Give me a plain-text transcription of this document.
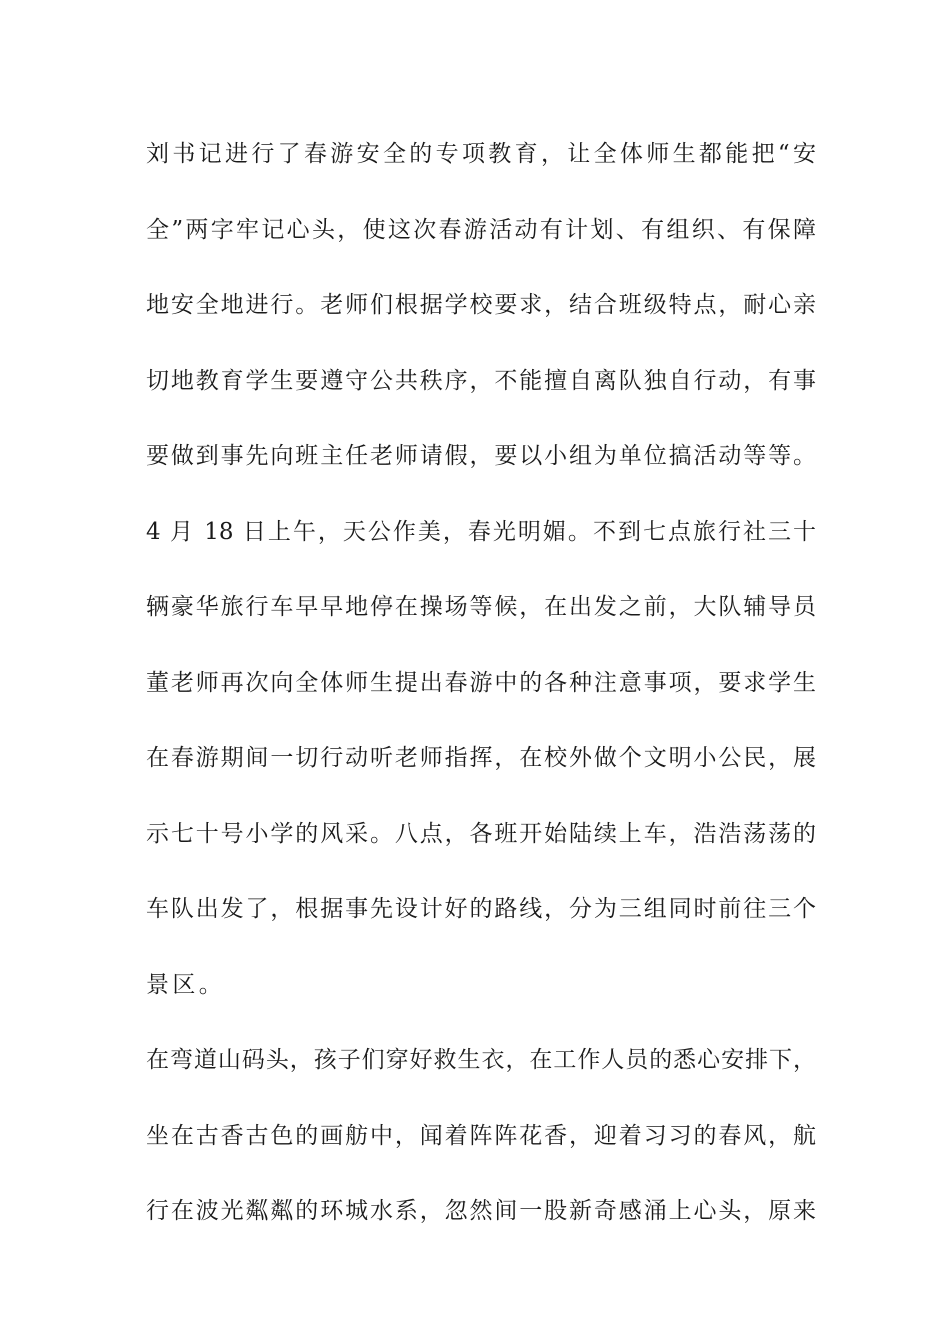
刘书记进行了春游安全的专项教育，让全体师生都能把“安
全”两字牢记心头，使这次春游活动有计划、有组织、有保障
地安全地进行。老师们根据学校要求，结合班级特点，耐心亲
切地教育学生要遵守公共秩序，不能擅自离队独自行动，有事
要做到事先向班主任老师请假，要以小组为单位搞活动等等。
4 月 18 日上午，天公作美，春光明媚。不到七点旅行社三十
辆豪华旅行车早早地停在操场等候，在出发之前，大队辅导员
董老师再次向全体师生提出春游中的各种注意事项，要求学生
在春游期间一切行动听老师指挥，在校外做个文明小公民，展
示七十号小学的风采。八点，各班开始陆续上车，浩浩荡荡的
车队出发了，根据事先设计好的路线，分为三组同时前往三个
景区。
在弯道山码头，孩子们穿好救生衣，在工作人员的悉心安排下，
坐在古香古色的画舫中，闻着阵阵花香，迎着习习的春风，航
行在波光粼粼的环城水系，忽然间一股新奇感涌上心头，原来
